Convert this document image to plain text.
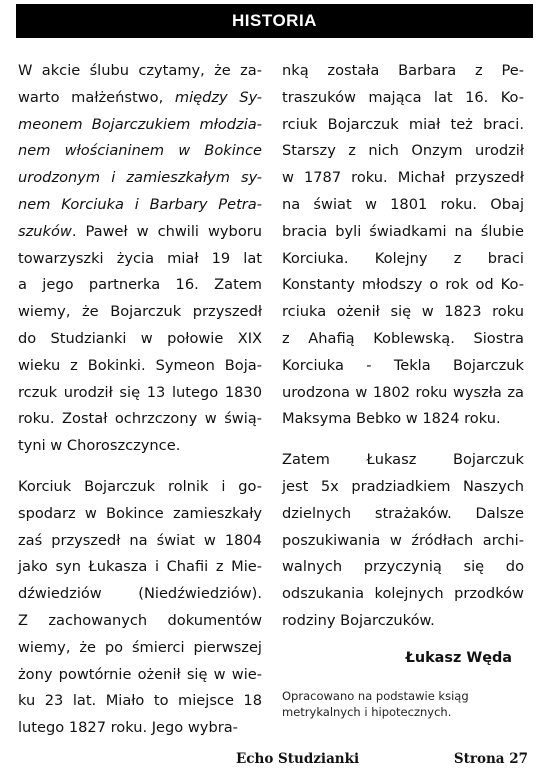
HISTORIA
W akcie ślubu czytamy, że za-
warto małżeństwo, między Sy-
meonem Bojarczukiem młodzia-
nem włościaninem w Bokince
urodzonym i zamieszkałym sy-
nem Korciuka i Barbary Petra-
szuków. Paweł w chwili wyboru
towarzyszki życia miał 19 lat
a jego partnerka 16. Zatem
wiemy, że Bojarczuk przyszedł
do Studzianki w połowie XIX
wieku z Bokinki. Symeon Boja-
rczuk urodził się 13 lutego 1830
roku. Został ochrzczony w świą-
tyni w Choroszczyncе.
Korciuk Bojarczuk rolnik i go-
spodarz w Bokince zamieszkały
zaś przyszedł na świat w 1804
jako syn Łukasza i Chafii z Mie-
dźwiedziów (Niedźwiedziów).
Z zachowanych dokumentów
wiemy, że po śmierci pierwszej
żony powtórnie ożenił się w wie-
ku 23 lat. Miało to miejsce 18
lutego 1827 roku. Jego wybra-
nką została Barbara z Pe-
traszuków mająca lat 16. Ko-
rciuk Bojarczuk miał też braci.
Starszy z nich Onzym urodził
w 1787 roku. Michał przyszedł
na świat w 1801 roku. Obaj
bracia byli świadkami na ślubie
Korciuka. Kolejny z braci
Konstanty młodszy o rok od Ko-
rciuka ożenił się w 1823 roku
z Ahafią Koblewską. Siostra
Korciuka - Tekla Bojarczuk
urodzona w 1802 roku wyszła za
Maksyma Bebko w 1824 roku.
Zatem Łukasz Bojarczuk
jest 5x pradziadkiem Naszych
dzielnych strażaków. Dalsze
poszukiwania w źródłach archi-
walnych przyczynią się do
odszukania kolejnych przodków
rodziny Bojarczuków.
Łukasz Węda
Opracowano na podstawie ksiąg metrykalnych i hipotecznych.
Echo Studzianki	Strona 27
